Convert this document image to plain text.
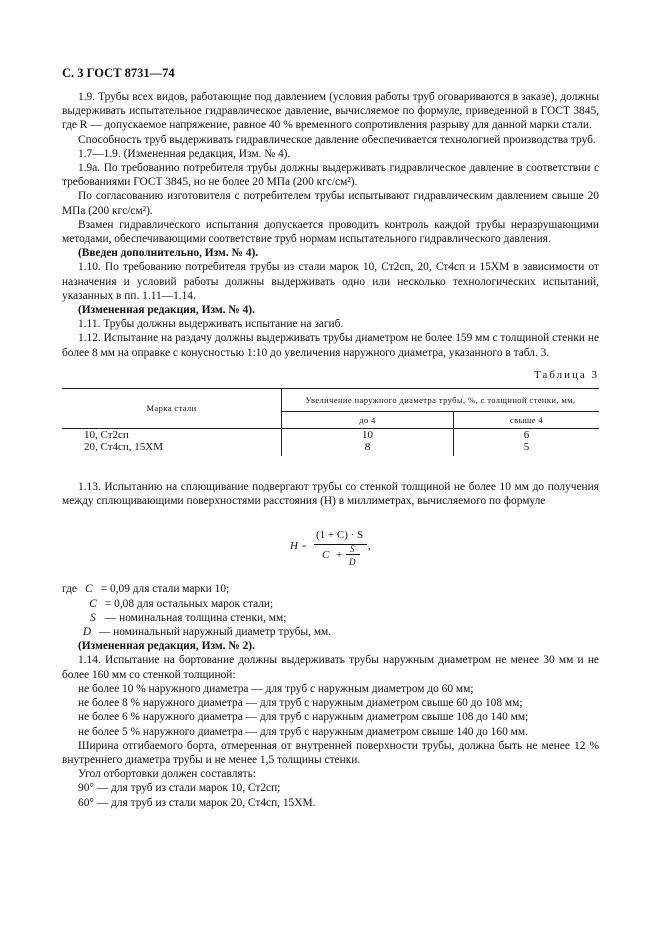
С. 3 ГОСТ 8731—74

1.9. Трубы всех видов, работающие под давлением (условия работы труб оговариваются в заказе), должны выдерживать испытательное гидравлическое давление, вычисляемое по формуле, приведенной в ГОСТ 3845, где R — допускаемое напряжение, равное 40 % временного сопротивления разрыву для данной марки стали.

Способность труб выдерживать гидравлическое давление обеспечивается технологией производства труб.

1.7—1.9. (Измененная редакция, Изм. № 4).

1.9а. По требованию потребителя трубы должны выдерживать гидравлическое давление в соответствии с требованиями ГОСТ 3845, но не более 20 МПа (200 кгс/см²).

По согласованию изготовителя с потребителем трубы испытывают гидравлическим давлением свыше 20 МПа (200 кгс/см²).

Взамен гидравлического испытания допускается проводить контроль каждой трубы неразрушающими методами, обеспечивающими соответствие труб нормам испытательного гидравлического давления.

(Введен дополнительно, Изм. № 4).

1.10. По требованию потребителя трубы из стали марок 10, Ст2сп, 20, Ст4сп и 15ХМ в зависимости от назначения и условий работы должны выдерживать одно или несколько технологических испытаний, указанных в пп. 1.11—1.14.

(Измененная редакция, Изм. № 4).

1.11. Трубы должны выдерживать испытание на загиб.

1.12. Испытание на раздачу должны выдерживать трубы диаметром не более 159 мм с толщиной стенки не более 8 мм на оправке с конусностью 1:10 до увеличения наружного диаметра, указанного в табл. 3.

Таблица 3
Марка стали	Увеличение наружного диаметра трубы, %, с толщиной стенки, мм,	
	до 4	свыше 4

10, Ст2сп	10	6
20, Ст4сп, 15ХМ	8	5

1.13. Испытанию на сплющивание подвергают трубы со стенкой толщиной не более 10 мм до получения между сплющивающими поверхностями расстояния (H) в миллиметрах, вычисляемого по формуле

H =
(1 + C) · S
C + S
D
,

где C = 0,09 для стали марки 10;

C = 0,08 для остальных марок стали;

S — номинальная толщина стенки, мм;

D — номинальный наружный диаметр трубы, мм.

(Измененная редакция, Изм. № 2).

1.14. Испытание на бортование должны выдерживать трубы наружным диаметром не менее 30 мм и не более 160 мм со стенкой толщиной:

не более 10 % наружного диаметра — для труб с наружным диаметром до 60 мм;

не более 8 % наружного диаметра — для труб с наружным диаметром свыше 60 до 108 мм;

не более 6 % наружного диаметра — для труб с наружным диаметром свыше 108 до 140 мм;

не более 5 % наружного диаметра — для труб с наружным диаметром свыше 140 до 160 мм.

Ширина отгибаемого борта, отмеренная от внутренней поверхности трубы, должна быть не менее 12 % внутреннего диаметра трубы и не менее 1,5 толщины стенки.

Угол отбортовки должен составлять:

90° — для труб из стали марок 10, Ст2сп;

60° — для труб из стали марок 20, Ст4сп, 15ХМ.
